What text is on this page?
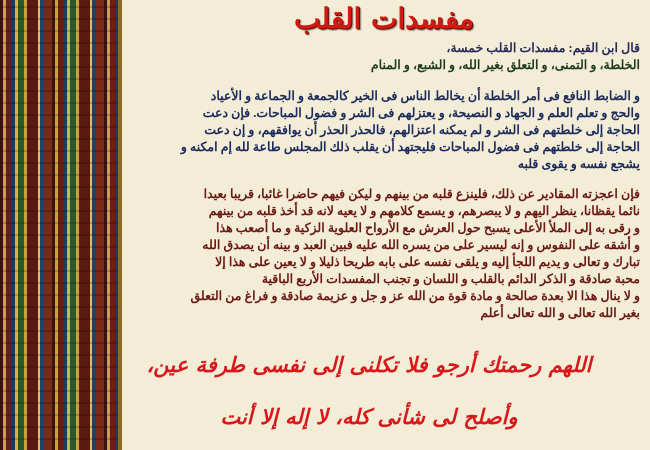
مفسدات القلب
قال ابن القيم: مفسدات القلب خمسة،
الخلطة، و التمنى، و التعلق بغير الله، و الشبع، و المنام
و الضابط النافع فى أمر الخلطة أن يخالط الناس فى الخير كالجمعة و الجماعة و الأعياد
والحج و تعلم العلم و الجهاد و النصيحة، و يعتزلهم فى الشر و فضول المباحات. فإن دعت
الحاجة إلى خلطتهم فى الشر و لم يمكنه اعتزالهم، فالحذر الحذر أن يوافقهم، و إن دعت
الحاجة إلى خلطتهم فى فضول المباحات فليجتهد أن يقلب ذلك المجلس طاعة لله إم امكنه و
يشجع نفسه و يقوى قلبه
فإن اعجزته المقادير عن ذلك، فلينزع قلبه من بينهم و ليكن فيهم حاضرا غائبا، قريبا بعيدا
نائما يقظانا، ينظر اليهم و لا يبصرهم، و يسمع كلامهم و لا يعيه لانه قد أخذ قلبه من بينهم
و رقى به إلى الملأ الأعلى يسبح حول العرش مع الأرواح العلوية الزكية و ما أصعب هذا
و أشقه على النفوس و إنه ليسير على من يسره الله عليه فبين العبد و بينه أن يصدق الله
تبارك و تعالى و يديم اللجأ إليه و يلقى نفسه على بابه طريحا ذليلا و لا يعين على هذا إلا
محبة صادقة و الذكر الدائم بالقلب و اللسان و تجنب المفسدات الأربع الباقية
و لا ينال هذا الا بعدة صالحة و مادة قوة من الله عز و جل و عزيمة صادقة و فراغ من التعلق
بغير الله تعالى و الله تعالى أعلم
اللهم رحمتك أرجو فلا تكلنى إلى نفسى طرفة عين،
وأصلح لى شأنى كله، لا إله إلا أنت
